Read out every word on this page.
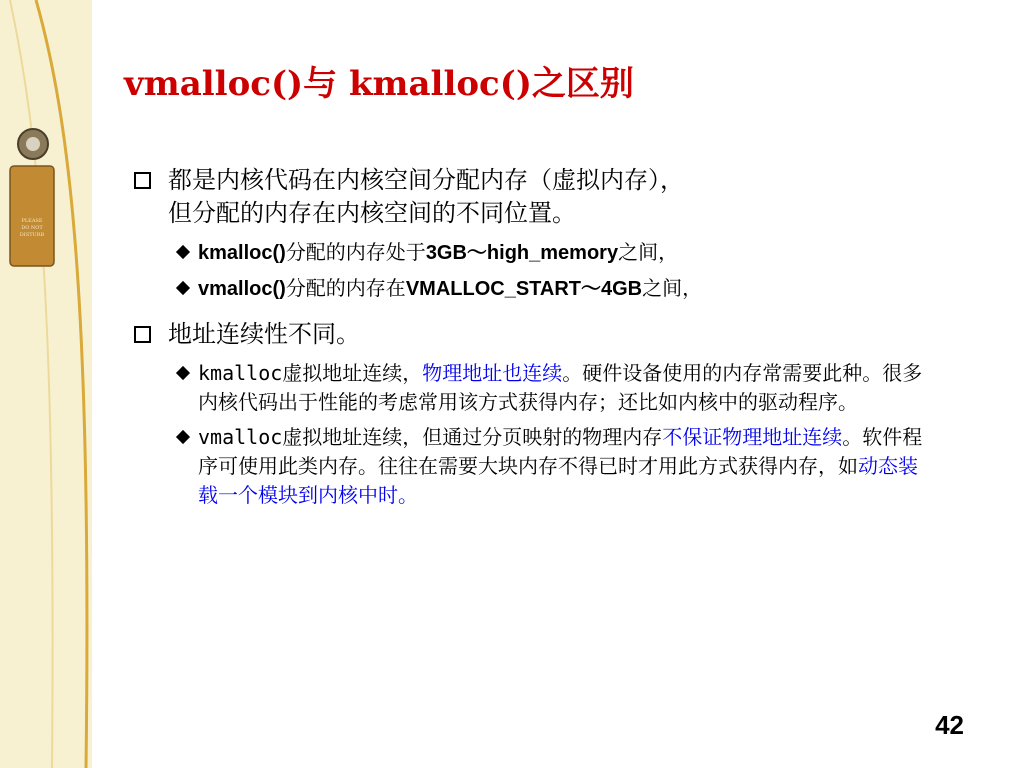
PLEASE
DO NOT
DISTURB
vmalloc()与 kmalloc()之区别
都是内核代码在内核空间分配内存（虚拟内存），
但分配的内存在内核空间的不同位置。
kmalloc()分配的内存处于3GB～high_memory之间，
vmalloc()分配的内存在VMALLOC_START～4GB之间，
地址连续性不同。
kmalloc虚拟地址连续，物理地址也连续。硬件设备使用的内存常需要此种。很多内核代码出于性能的考虑常用该方式获得内存；还比如内核中的驱动程序。
vmalloc虚拟地址连续，但通过分页映射的物理内存不保证物理地址连续。软件程序可使用此类内存。往往在需要大块内存不得已时才用此方式获得内存，如动态装载一个模块到内核中时。
42
